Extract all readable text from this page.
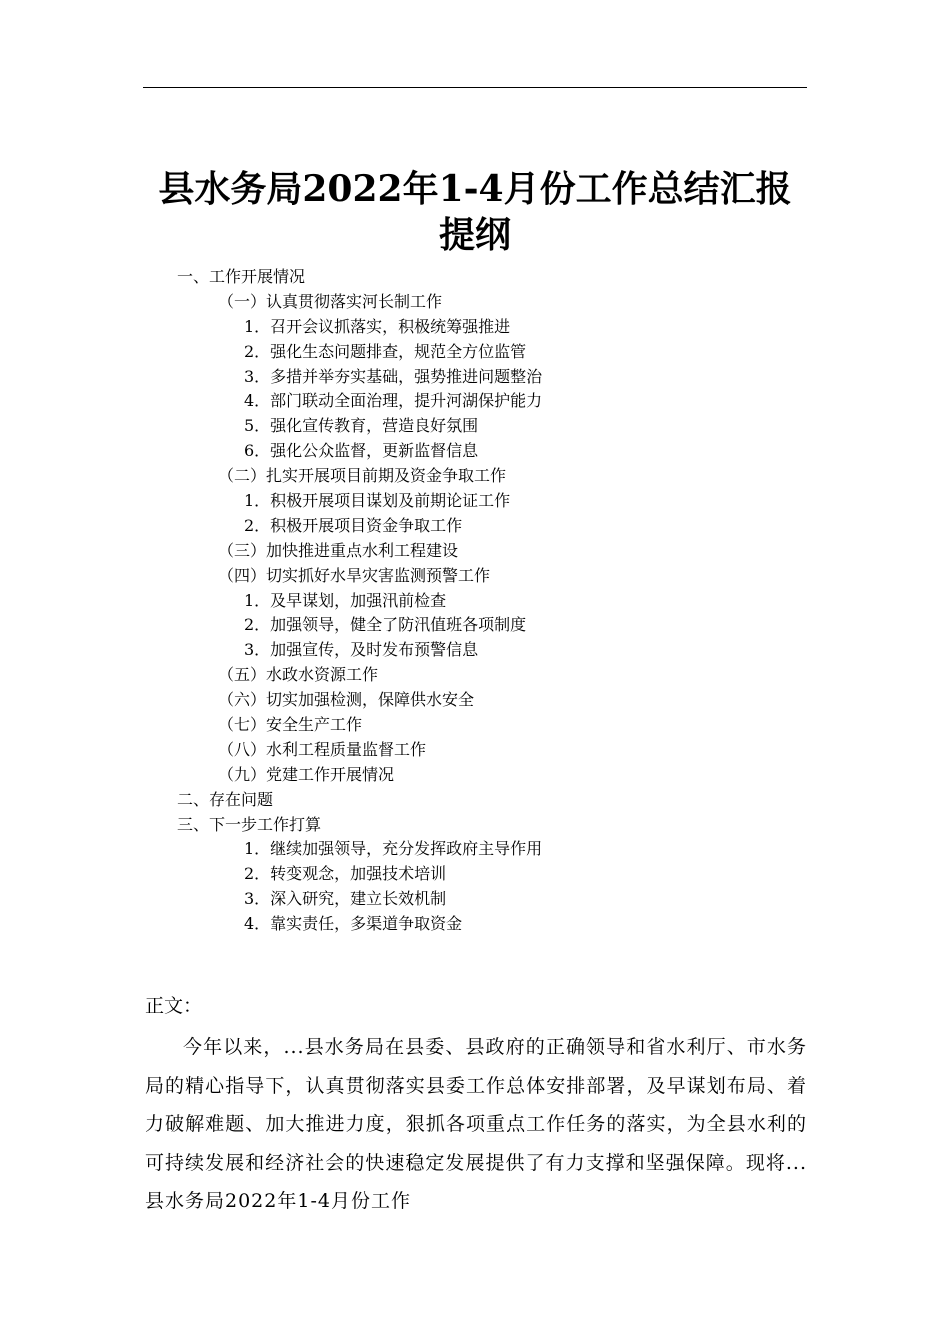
县水务局2022年1-4月份工作总结汇报
提纲
一、工作开展情况
（一）认真贯彻落实河长制工作
1．召开会议抓落实，积极统筹强推进
2．强化生态问题排查，规范全方位监管
3．多措并举夯实基础，强势推进问题整治
4．部门联动全面治理，提升河湖保护能力
5．强化宣传教育，营造良好氛围
6．强化公众监督，更新监督信息
（二）扎实开展项目前期及资金争取工作
1．积极开展项目谋划及前期论证工作
2．积极开展项目资金争取工作
（三）加快推进重点水利工程建设
（四）切实抓好水旱灾害监测预警工作
1．及早谋划，加强汛前检查
2．加强领导，健全了防汛值班各项制度
3．加强宣传，及时发布预警信息
（五）水政水资源工作
（六）切实加强检测，保障供水安全
（七）安全生产工作
（八）水利工程质量监督工作
（九）党建工作开展情况
二、存在问题
三、下一步工作打算
1．继续加强领导，充分发挥政府主导作用
2．转变观念，加强技术培训
3．深入研究，建立长效机制
4．靠实责任，多渠道争取资金
正文：
今年以来，...县水务局在县委、县政府的正确领导和省水利厅、市水务局的精心指导下，认真贯彻落实县委工作总体安排部署，及早谋划布局、着力破解难题、加大推进力度，狠抓各项重点工作任务的落实，为全县水利的可持续发展和经济社会的快速稳定发展提供了有力支撑和坚强保障。现将...县水务局2022年1-4月份工作
